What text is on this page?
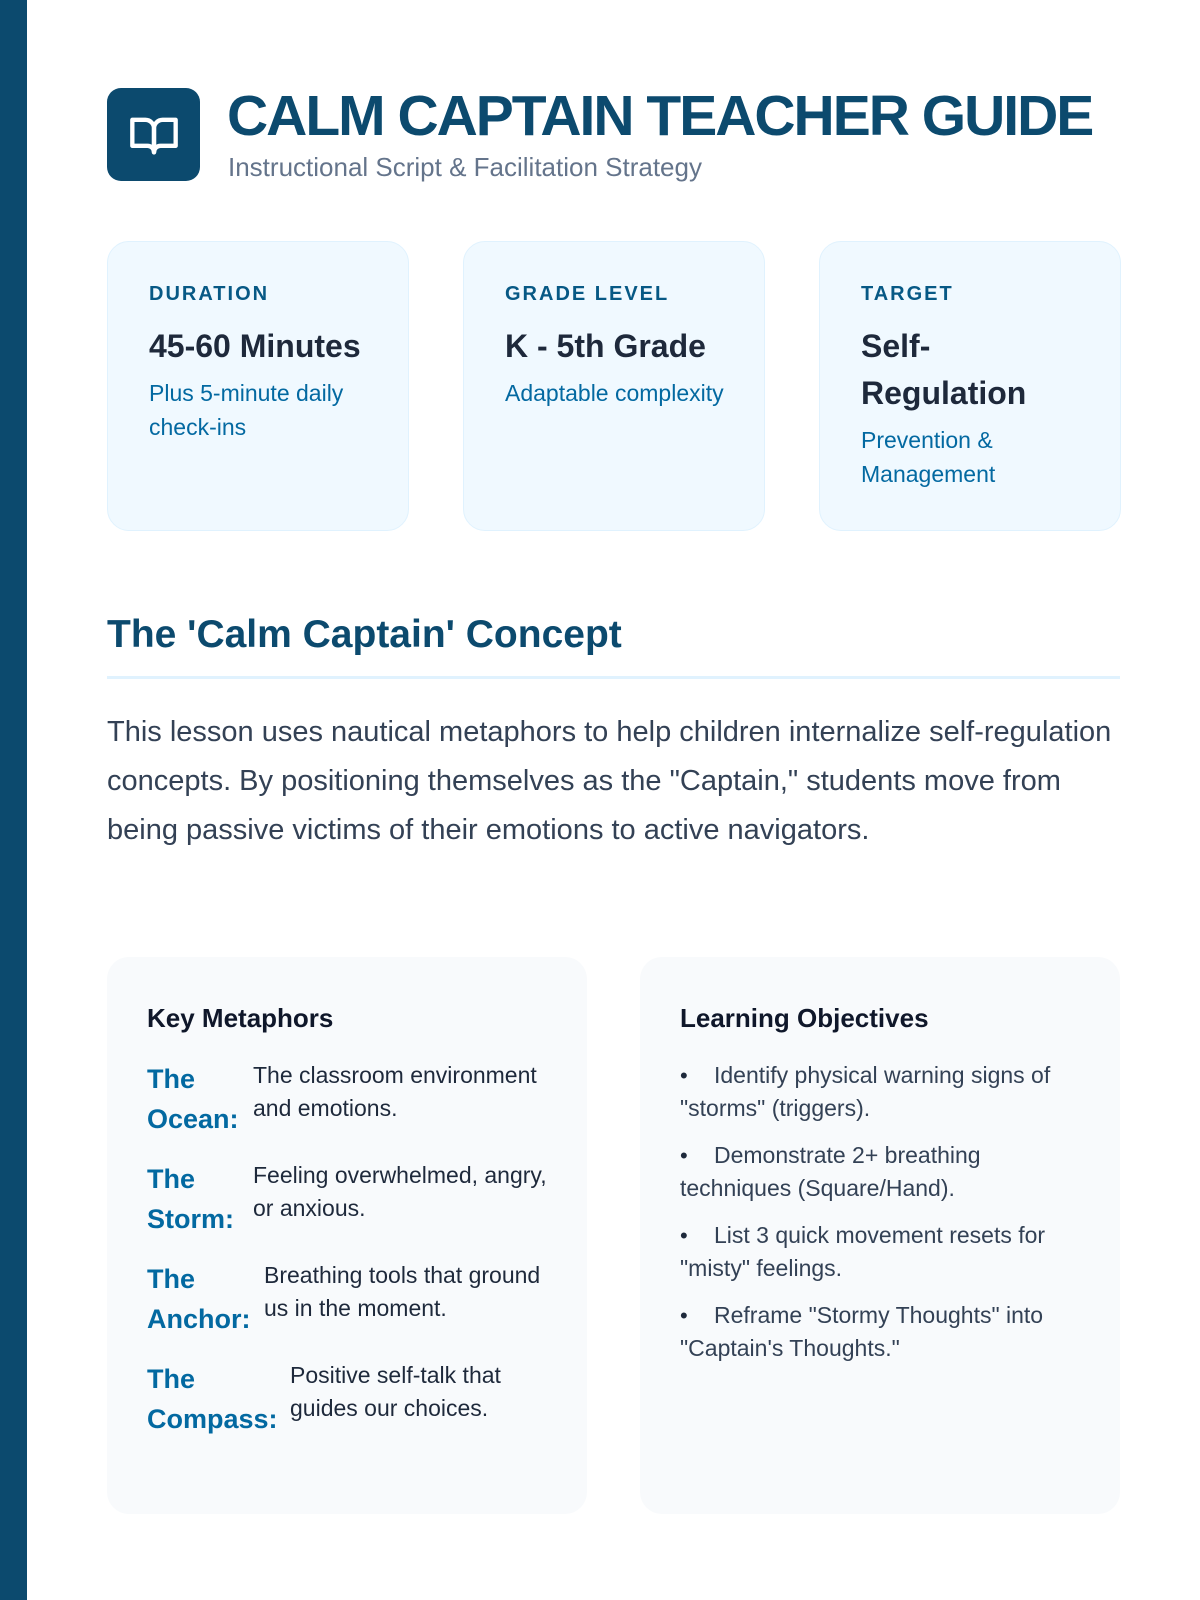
CALM CAPTAIN TEACHER GUIDE
Instructional Script & Facilitation Strategy
DURATION
45-60 Minutes
Plus 5-minute daily check-ins
GRADE LEVEL
K - 5th Grade
Adaptable complexity
TARGET
Self-Regulation
Prevention & Management
The 'Calm Captain' Concept

This lesson uses nautical metaphors to help children internalize self-regulation concepts. By positioning themselves as the "Captain," students move from being passive victims of their emotions to active navigators.

Key Metaphors
The Ocean:
The classroom environment and emotions.
The Storm:
Feeling overwhelmed, angry, or anxious.
The Anchor:
Breathing tools that ground us in the moment.
The Compass:
Positive self-talk that guides our choices.
Learning Objectives
• Identify physical warning signs of "storms" (triggers).
• Demonstrate 2+ breathing techniques (Square/Hand).
• List 3 quick movement resets for "misty" feelings.
• Reframe "Stormy Thoughts" into "Captain's Thoughts."
